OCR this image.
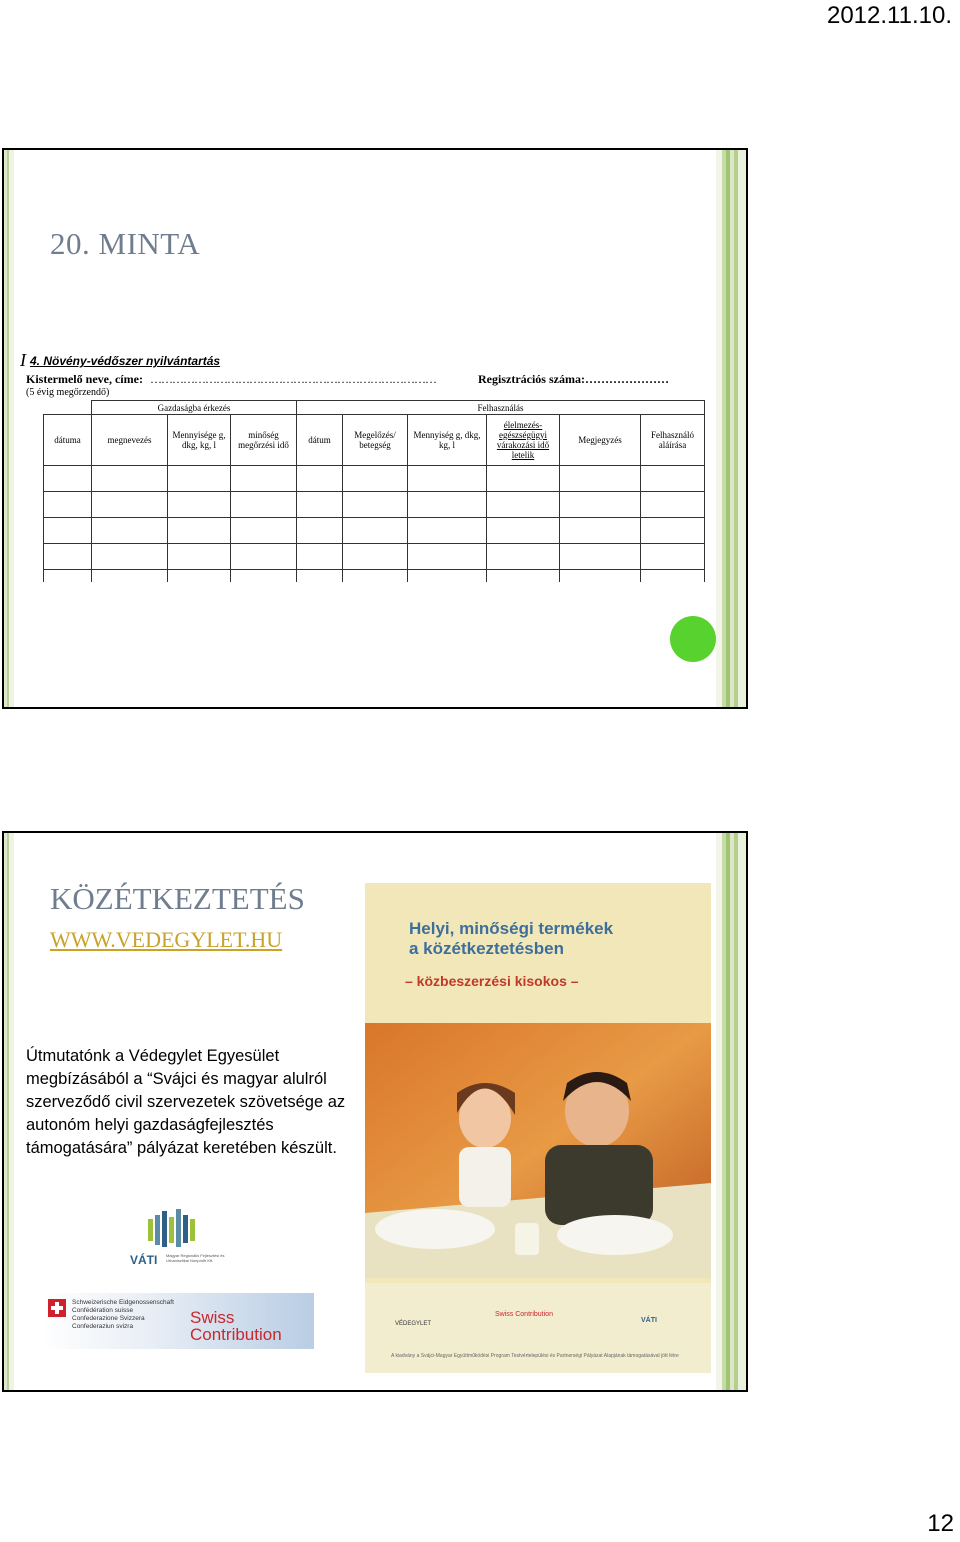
2012.11.10.
20. MINTA
I 4. Növény-védőszer nyilvántartás
Kistermelő neve, címe: ……………………………………………………………………	Regisztrációs száma:…………………
(5 évig megőrzendő)
	Gazdaságba érkezés			Felhasználás					
dátuma	megnevezés	Mennyisége g, dkg, kg, l	minőség megőrzési idő	dátum	Megelőzés/ betegség	Mennyiség g, dkg, kg, l	élelmezés-egészségügyi várakozási idő letelik	Megjegyzés	Felhasználó aláírása

KÖZÉTKEZTETÉS
WWW.VEDEGYLET.HU
Útmutatónk a Védegylet Egyesület megbízásából a “Svájci és magyar alulról szerveződő civil szervezetek szövetsége az autonóm helyi gazdaságfejlesztés támogatására” pályázat keretében készült.
VÁTI Magyar Regionális Fejlesztési és Urbanisztikai Nonprofit Kft.
Schweizerische Eidgenossenschaft
Confédération suisse
Confederazione Svizzera
Confederaziun svizra	Swiss
Contribution
Helyi, minőségi termékek
a közétkeztetésben
– közbeszerzési kisokos –
VÉDEGYLET
Swiss Contribution
VÁTI
A kiadvány a Svájci-Magyar Együttműködési Program Testvértelepülési és Partnerségi Pályázat Alapjának támogatásával jött létre
12
